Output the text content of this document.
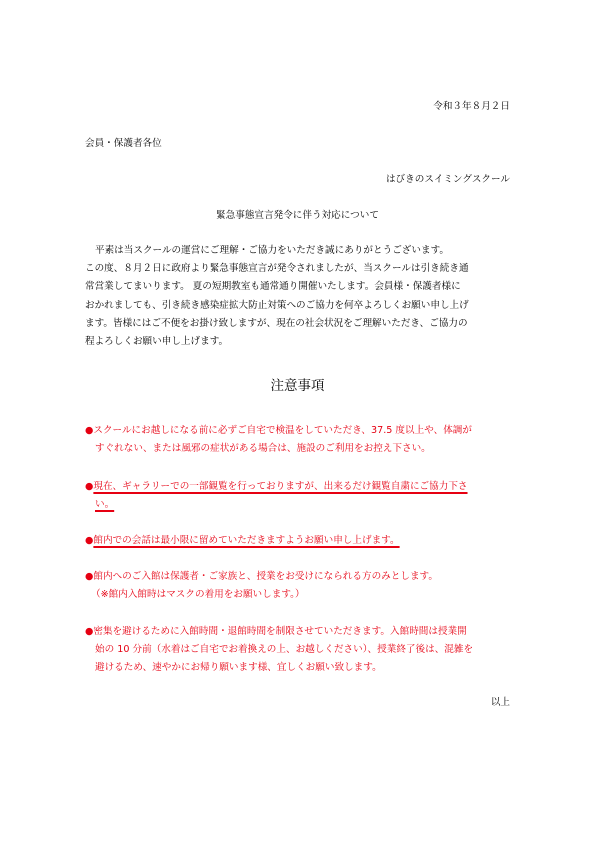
令和３年８月２日
会員・保護者各位
はびきのスイミングスクール
緊急事態宣言発令に伴う対応について
平素は当スクールの運営にご理解・ご協力をいただき誠にありがとうございます。
この度、８月２日に政府より緊急事態宣言が発令されましたが、当スクールは引き続き通
常営業してまいります。 夏の短期教室も通常通り開催いたします。会員様・保護者様に
おかれましても、引き続き感染症拡大防止対策へのご協力を何卒よろしくお願い申し上げ
ます。皆様にはご不便をお掛け致しますが、現在の社会状況をご理解いただき、ご協力の
程よろしくお願い申し上げます。
注意事項
●スクールにお越しになる前に必ずご自宅で検温をしていただき、37.5 度以上や、体調が
すぐれない、または風邪の症状がある場合は、施設のご利用をお控え下さい。
●現在、ギャラリーでの一部観覧を行っておりますが、出来るだけ観覧自粛にご協力下さ
い。
●館内での会話は最小限に留めていただきますようお願い申し上げます。
●館内へのご入館は保護者・ご家族と、授業をお受けになられる方のみとします。
（※館内入館時はマスクの着用をお願いします。）
●密集を避けるために入館時間・退館時間を制限させていただきます。入館時間は授業開
始の 10 分前（水着はご自宅でお着換えの上、お越しください）、授業終了後は、混雑を
避けるため、速やかにお帰り願います様、宜しくお願い致します。
以上
